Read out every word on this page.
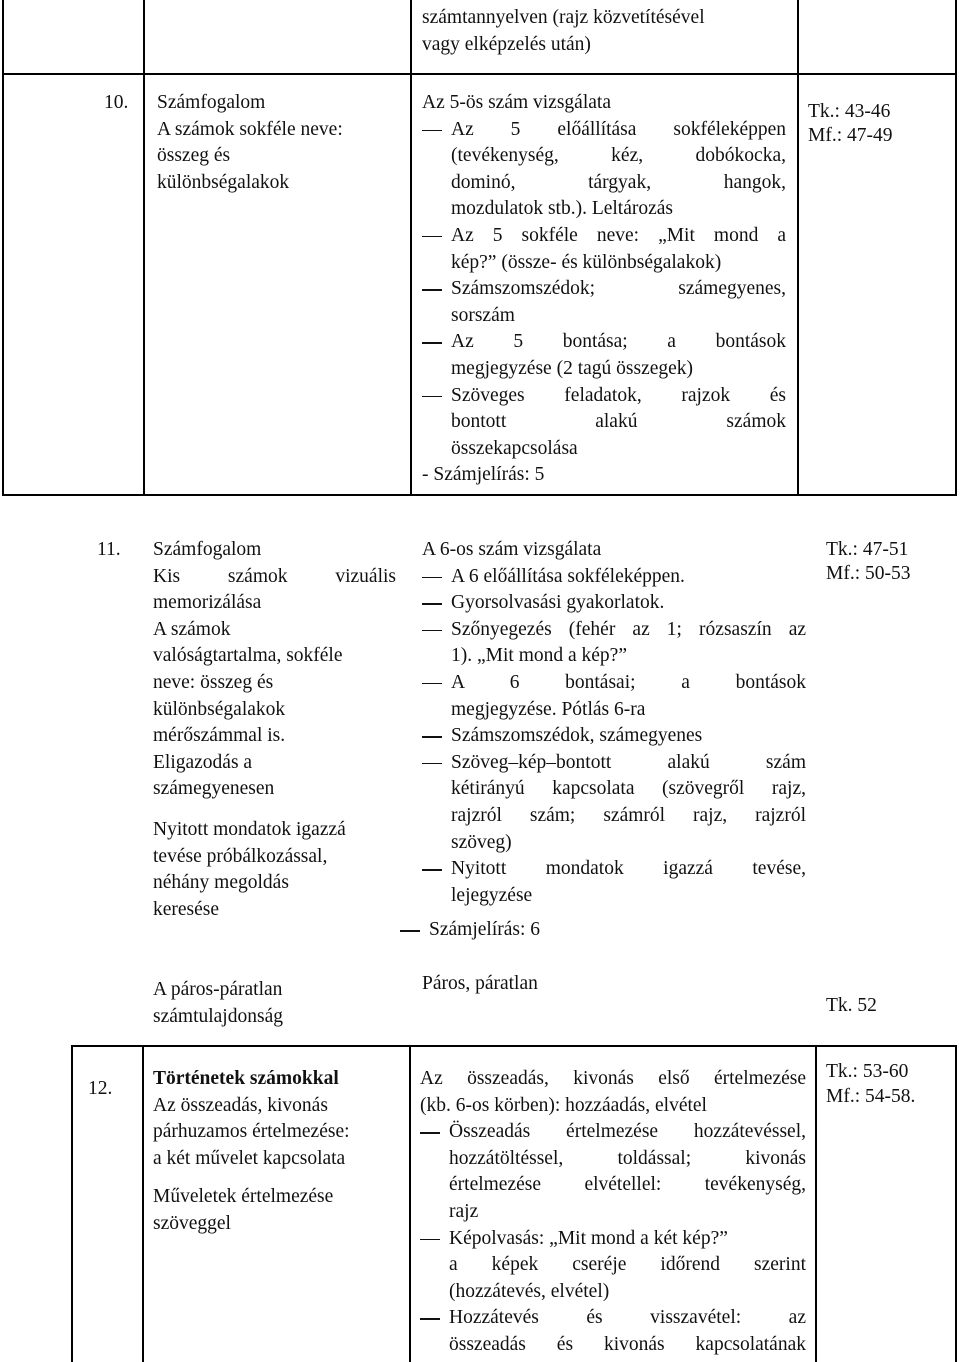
számtannyelven (rajz közvetítésével
vagy elképzelés után)
10. Számfogalom
A számok sokféle neve:
összeg és
különbségalakok
Az 5-ös szám vizsgálata
Az 5 előállítása sokféleképpen
(tevékenység, kéz, dobókocka,
dominó, tárgyak, hangok,
mozdulatok stb.). Leltározás
Az 5 sokféle neve: „Mit mond a
kép?” (össze- és különbségalakok)
Számszomszédok; számegyenes,
sorszám
Az 5 bontása; a bontások
megjegyzése (2 tagú összegek)
Szöveges feladatok, rajzok és
bontott alakú számok
összekapcsolása
- Számjelírás: 5
Tk.: 43-46
Mf.: 47-49
11. Számfogalom
Kis számok vizuális
memorizálása
A számok
valóságtartalma, sokféle
neve: összeg és
különbségalakok
mérőszámmal is.
Eligazodás a
számegyenesen
Nyitott mondatok igazzá
tevése próbálkozással,
néhány megoldás
keresése
A páros-páratlan
számtulajdonság
A 6-os szám vizsgálata
A 6 előállítása sokféleképpen.
Gyorsolvasási gyakorlatok.
Szőnyegezés (fehér az 1; rózsaszín az
1). „Mit mond a kép?”
A 6 bontásai; a bontások
megjegyzése. Pótlás 6-ra
Számszomszédok, számegyenes
Szöveg–kép–bontott alakú szám
kétirányú kapcsolata (szövegről rajz,
rajzról szám; számról rajz, rajzról
szöveg)
Nyitott mondatok igazzá tevése,
lejegyzése
Számjelírás: 6
Páros, páratlan
Tk.: 47-51
Mf.: 50-53
Tk. 52
12. Történetek számokkal
Az összeadás, kivonás
párhuzamos értelmezése:
a két művelet kapcsolata
Műveletek értelmezése
szöveggel
Az összeadás, kivonás első értelmezése
(kb. 6-os körben): hozzáadás, elvétel
Összeadás értelmezése hozzátevéssel,
hozzátöltéssel, toldással; kivonás
értelmezése elvétellel: tevékenység,
rajz
Képolvasás: „Mit mond a két kép?”
a képek cseréje időrend szerint
(hozzátevés, elvétel)
Hozzátevés és visszavétel: az
összeadás és kivonás kapcsolatának
Tk.: 53-60
Mf.: 54-58.
